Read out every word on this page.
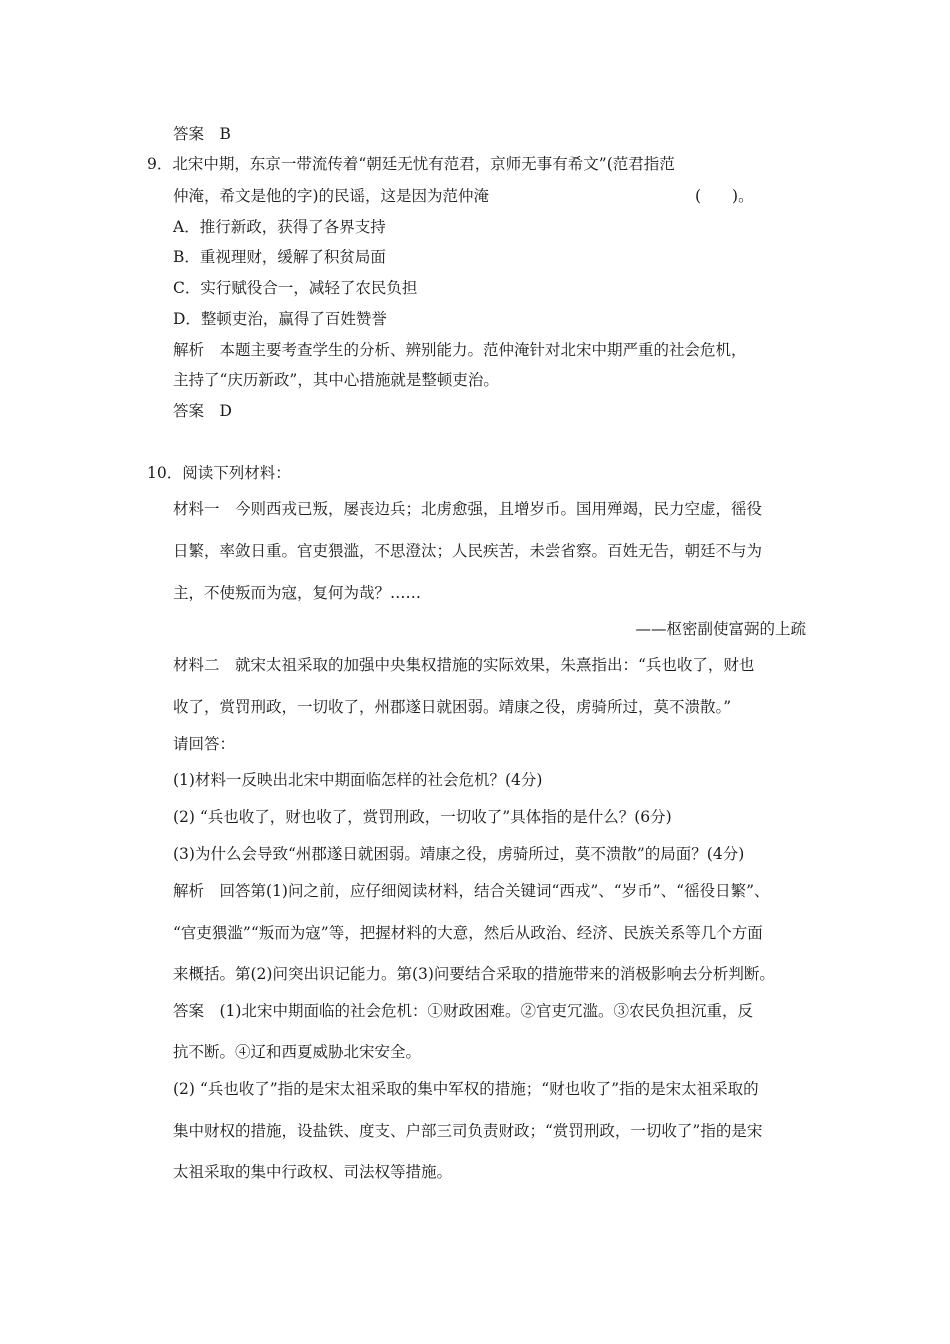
答案　B
9．北宋中期，东京一带流传着“朝廷无忧有范君，京师无事有希文”(范君指范
仲淹，希文是他的字)的民谣，这是因为范仲淹	(　　)。
A．推行新政，获得了各界支持
B．重视理财，缓解了积贫局面
C．实行赋役合一，减轻了农民负担
D．整顿吏治，赢得了百姓赞誉
解析　本题主要考查学生的分析、辨别能力。范仲淹针对北宋中期严重的社会危机，
主持了“庆历新政”，其中心措施就是整顿吏治。
答案　D
10．阅读下列材料：
材料一　今则西戎已叛，屡丧边兵；北虏愈强，且增岁币。国用殚竭，民力空虚，徭役
日繁，率敛日重。官吏猥滥，不思澄汰；人民疾苦，未尝省察。百姓无告，朝廷不与为
主，不使叛而为寇，复何为哉？……
——枢密副使富弼的上疏
材料二　就宋太祖采取的加强中央集权措施的实际效果，朱熹指出：“兵也收了，财也
收了，赏罚刑政，一切收了，州郡遂日就困弱。靖康之役，虏骑所过，莫不溃散。”
请回答：
(1)材料一反映出北宋中期面临怎样的社会危机？(4分)
(2) “兵也收了，财也收了，赏罚刑政，一切收了”具体指的是什么？(6分)
(3)为什么会导致“州郡遂日就困弱。靖康之役，虏骑所过，莫不溃散”的局面？(4分)
解析　回答第(1)问之前，应仔细阅读材料，结合关键词“西戎”、“岁币”、“徭役日繁”、
“官吏猥滥”“叛而为寇”等，把握材料的大意，然后从政治、经济、民族关系等几个方面
来概括。第(2)问突出识记能力。第(3)问要结合采取的措施带来的消极影响去分析判断。
答案　(1)北宋中期面临的社会危机：①财政困难。②官吏冗滥。③农民负担沉重，反
抗不断。④辽和西夏威胁北宋安全。
(2) “兵也收了”指的是宋太祖采取的集中军权的措施；“财也收了”指的是宋太祖采取的
集中财权的措施，设盐铁、度支、户部三司负责财政；“赏罚刑政，一切收了”指的是宋
太祖采取的集中行政权、司法权等措施。
